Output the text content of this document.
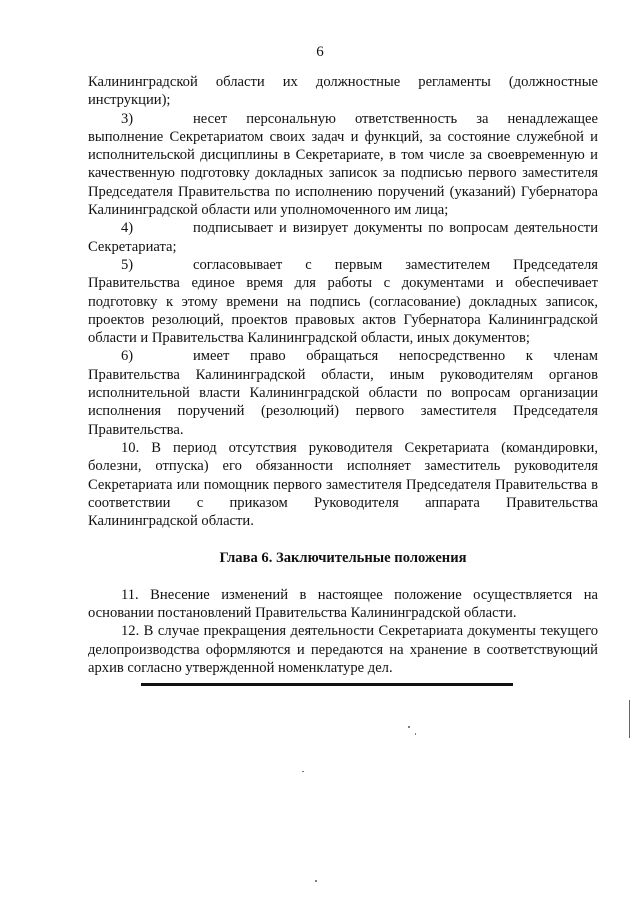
6

Калининградской области их должностные регламенты (должностные инструкции);

3)	несет персональную ответственность за ненадлежащее выполнение Секретариатом своих задач и функций, за состояние служебной и исполнительской дисциплины в Секретариате, в том числе за своевременную и качественную подготовку докладных записок за подписью первого заместителя Председателя Правительства по исполнению поручений (указаний) Губернатора Калининградской области или уполномоченного им лица;

4)	подписывает и визирует документы по вопросам деятельности Секретариата;

5)	согласовывает с первым заместителем Председателя Правительства единое время для работы с документами и обеспечивает подготовку к этому времени на подпись (согласование) докладных записок, проектов резолюций, проектов правовых актов Губернатора Калининградской области и Правительства Калининградской области, иных документов;

6)	имеет право обращаться непосредственно к членам Правительства Калининградской области, иным руководителям органов исполнительной власти Калининградской области по вопросам организации исполнения поручений (резолюций) первого заместителя Председателя Правительства.

10. В период отсутствия руководителя Секретариата (командировки, болезни, отпуска) его обязанности исполняет заместитель руководителя Секретариата или помощник первого заместителя Председателя Правительства в соответствии с приказом Руководителя аппарата Правительства Калининградской области.

Глава 6. Заключительные положения

11. Внесение изменений в настоящее положение осуществляется на основании постановлений Правительства Калининградской области.

12. В случае прекращения деятельности Секретариата документы текущего делопроизводства оформляются и передаются на хранение в соответствующий архив согласно утвержденной номенклатуре дел.
